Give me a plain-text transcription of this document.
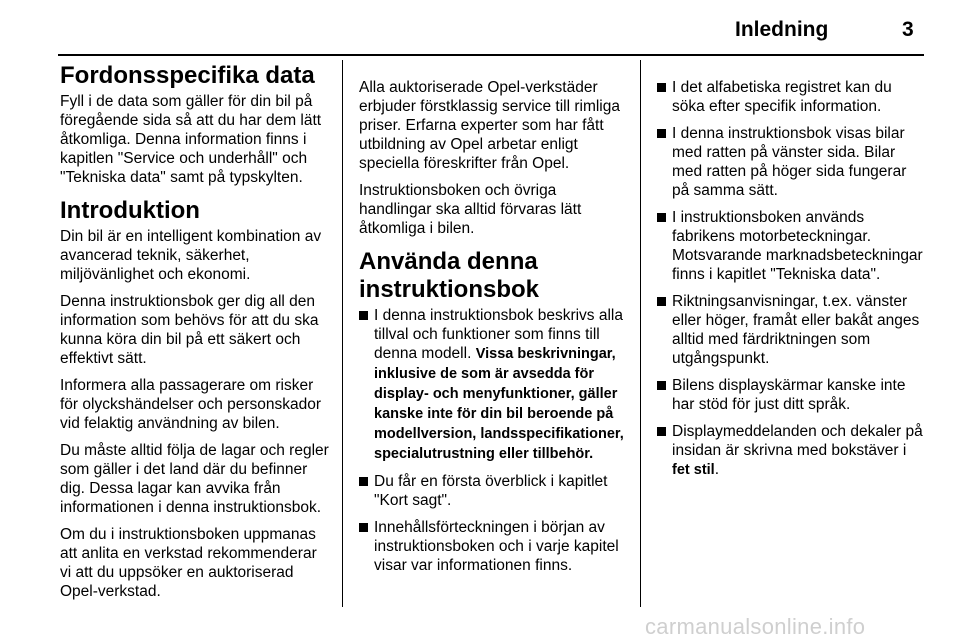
Inledning	3
Fordonsspecifika data

Fyll i de data som gäller för din bil på föregående sida så att du har dem lätt åtkomliga. Denna information finns i kapitlen "Service och underhåll" och "Tekniska data" samt på typskylten.

Introduktion

Din bil är en intelligent kombination av avancerad teknik, säkerhet, miljövänlighet och ekonomi.

Denna instruktionsbok ger dig all den information som behövs för att du ska kunna köra din bil på ett säkert och effektivt sätt.

Informera alla passagerare om risker för olyckshändelser och personskador vid felaktig användning av bilen.

Du måste alltid följa de lagar och regler som gäller i det land där du befinner dig. Dessa lagar kan avvika från informationen i denna instruktionsbok.

Om du i instruktionsboken uppmanas att anlita en verkstad rekommenderar vi att du uppsöker en auktoriserad Opel-verkstad.

Alla auktoriserade Opel-verkstäder erbjuder förstklassig service till rimliga priser. Erfarna experter som har fått utbildning av Opel arbetar enligt speciella föreskrifter från Opel.

Instruktionsboken och övriga handlingar ska alltid förvaras lätt åtkomliga i bilen.

Använda denna instruktionsbok
I denna instruktionsbok beskrivs alla tillval och funktioner som finns till denna modell. Vissa beskrivningar, inklusive de som är avsedda för display- och menyfunktioner, gäller kanske inte för din bil beroende på modellversion, landsspecifikationer, specialutrustning eller tillbehör.
Du får en första överblick i kapitlet "Kort sagt".
Innehållsförteckningen i början av instruktionsboken och i varje kapitel visar var informationen finns.
I det alfabetiska registret kan du söka efter specifik information.
I denna instruktionsbok visas bilar med ratten på vänster sida. Bilar med ratten på höger sida fungerar på samma sätt.
I instruktionsboken används fabrikens motorbeteckningar. Motsvarande marknadsbeteckningar finns i kapitlet "Tekniska data".
Riktningsanvisningar, t.ex. vänster eller höger, framåt eller bakåt anges alltid med färdriktningen som utgångspunkt.
Bilens displayskärmar kanske inte har stöd för just ditt språk.
Displaymeddelanden och dekaler på insidan är skrivna med bokstäver i fet stil.
carmanualsonline.info
